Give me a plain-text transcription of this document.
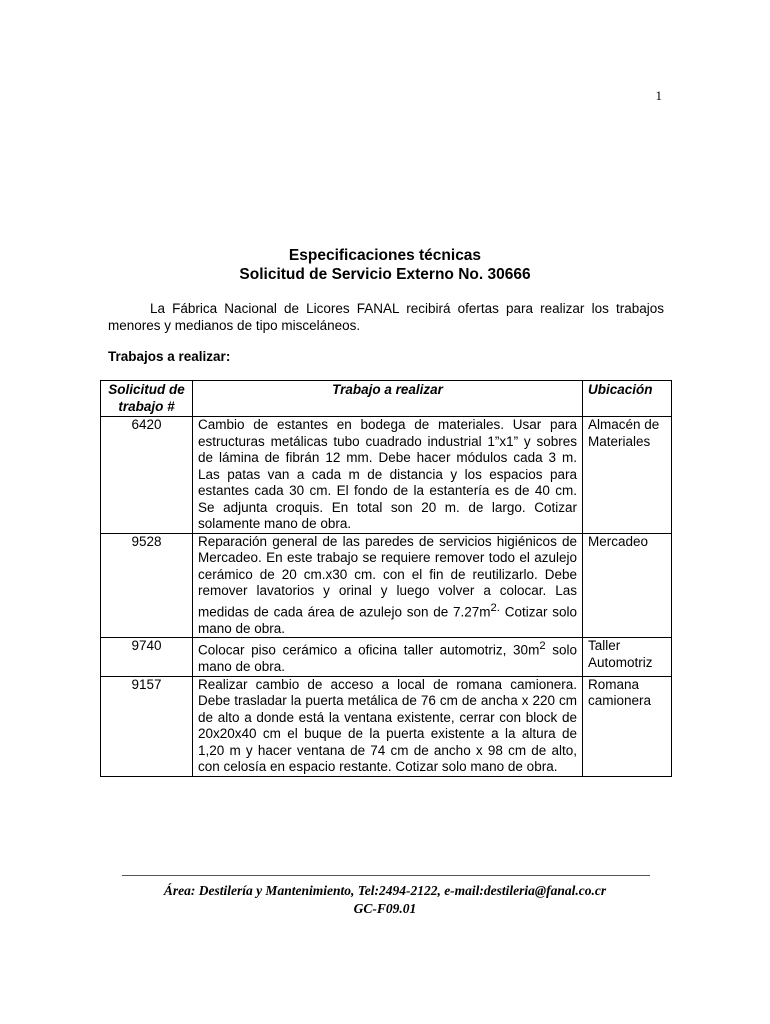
1
Especificaciones técnicas
Solicitud de Servicio Externo No. 30666
La Fábrica Nacional de Licores FANAL recibirá ofertas para realizar los trabajos menores y medianos de tipo misceláneos.
Trabajos a realizar:
Solicitud de trabajo #	Trabajo a realizar	Ubicación
6420	Cambio de estantes en bodega de materiales. Usar para estructuras metálicas tubo cuadrado industrial 1”x1” y sobres de lámina de fibrán 12 mm. Debe hacer módulos cada 3 m. Las patas van a cada m de distancia y los espacios para estantes cada 30 cm. El fondo de la estantería es de 40 cm. Se adjunta croquis. En total son 20 m. de largo. Cotizar solamente mano de obra.	Almacén de Materiales
9528	Reparación general de las paredes de servicios higiénicos de Mercadeo. En este trabajo se requiere remover todo el azulejo cerámico de 20 cm.x30 cm. con el fin de reutilizarlo. Debe remover lavatorios y orinal y luego volver a colocar. Las medidas de cada área de azulejo son de $7.27m^{2.}$ Cotizar solo mano de obra.	Mercadeo
9740	Colocar piso cerámico a oficina taller automotriz, $30m^2$ solo mano de obra.	Taller Automotriz
9157	Realizar cambio de acceso a local de romana camionera. Debe trasladar la puerta metálica de 76 cm de ancha x 220 cm de alto a donde está la ventana existente, cerrar con block de 20x20x40 cm el buque de la puerta existente a la altura de 1,20 m y hacer ventana de 74 cm de ancho x 98 cm de alto, con celosía en espacio restante. Cotizar solo mano de obra.	Romana camionera
Área: Destilería y Mantenimiento, Tel:2494-2122, e-mail:destileria@fanal.co.cr
GC-F09.01
